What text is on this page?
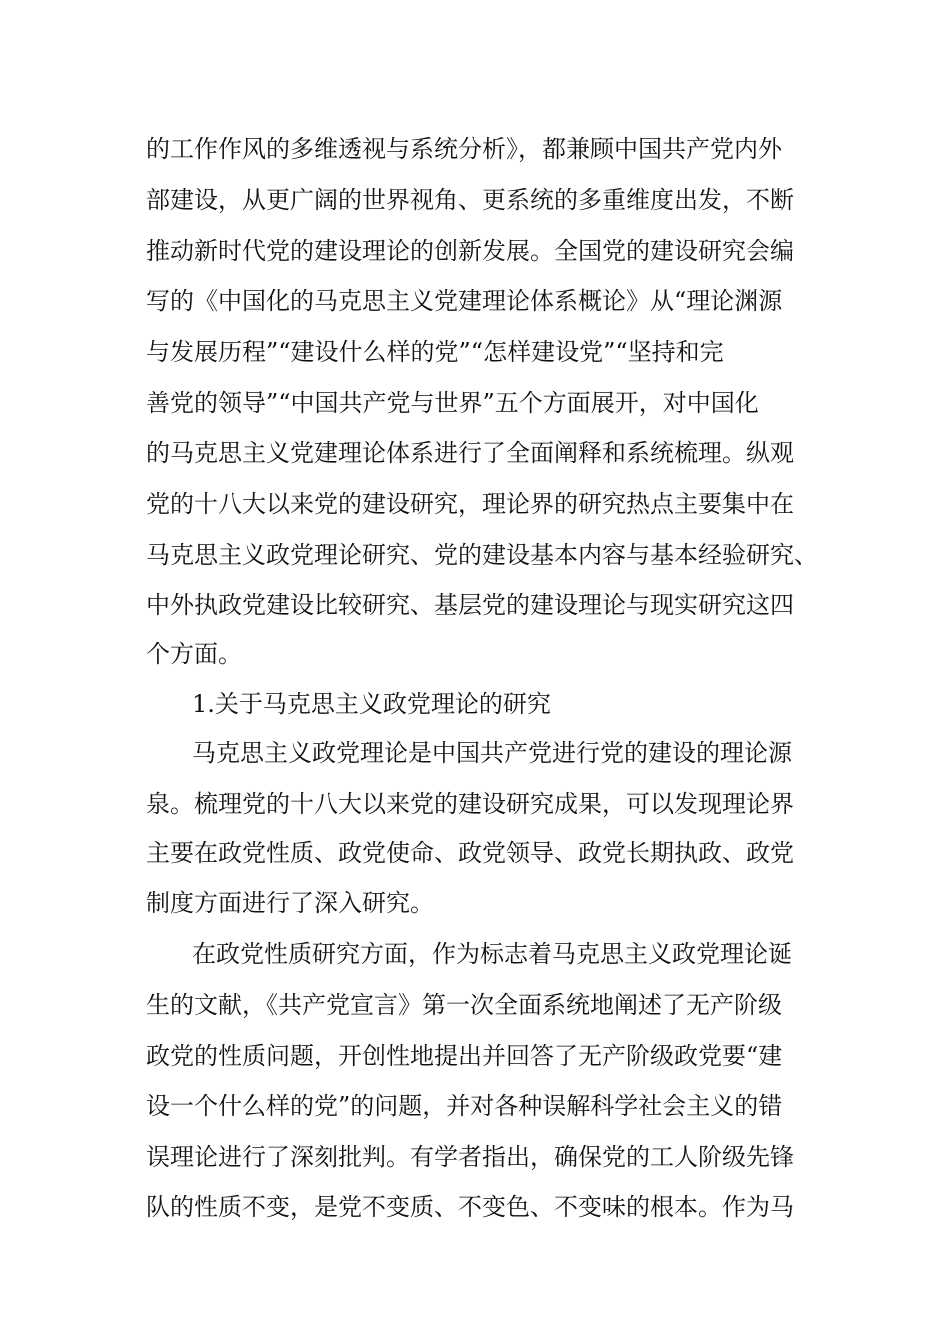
的工作作风的多维透视与系统分析》，都兼顾中国共产党内外
部建设，从更广阔的世界视角、更系统的多重维度出发，不断
推动新时代党的建设理论的创新发展。全国党的建设研究会编
写的《中国化的马克思主义党建理论体系概论》从“理论渊源
与发展历程”“建设什么样的党”“怎样建设党”“坚持和完
善党的领导”“中国共产党与世界”五个方面展开，对中国化
的马克思主义党建理论体系进行了全面阐释和系统梳理。纵观
党的十八大以来党的建设研究，理论界的研究热点主要集中在
马克思主义政党理论研究、党的建设基本内容与基本经验研究、
中外执政党建设比较研究、基层党的建设理论与现实研究这四
个方面。
1.关于马克思主义政党理论的研究
马克思主义政党理论是中国共产党进行党的建设的理论源
泉。梳理党的十八大以来党的建设研究成果，可以发现理论界
主要在政党性质、政党使命、政党领导、政党长期执政、政党
制度方面进行了深入研究。
在政党性质研究方面，作为标志着马克思主义政党理论诞
生的文献，《共产党宣言》第一次全面系统地阐述了无产阶级
政党的性质问题，开创性地提出并回答了无产阶级政党要“建
设一个什么样的党”的问题，并对各种误解科学社会主义的错
误理论进行了深刻批判。有学者指出，确保党的工人阶级先锋
队的性质不变，是党不变质、不变色、不变味的根本。作为马
